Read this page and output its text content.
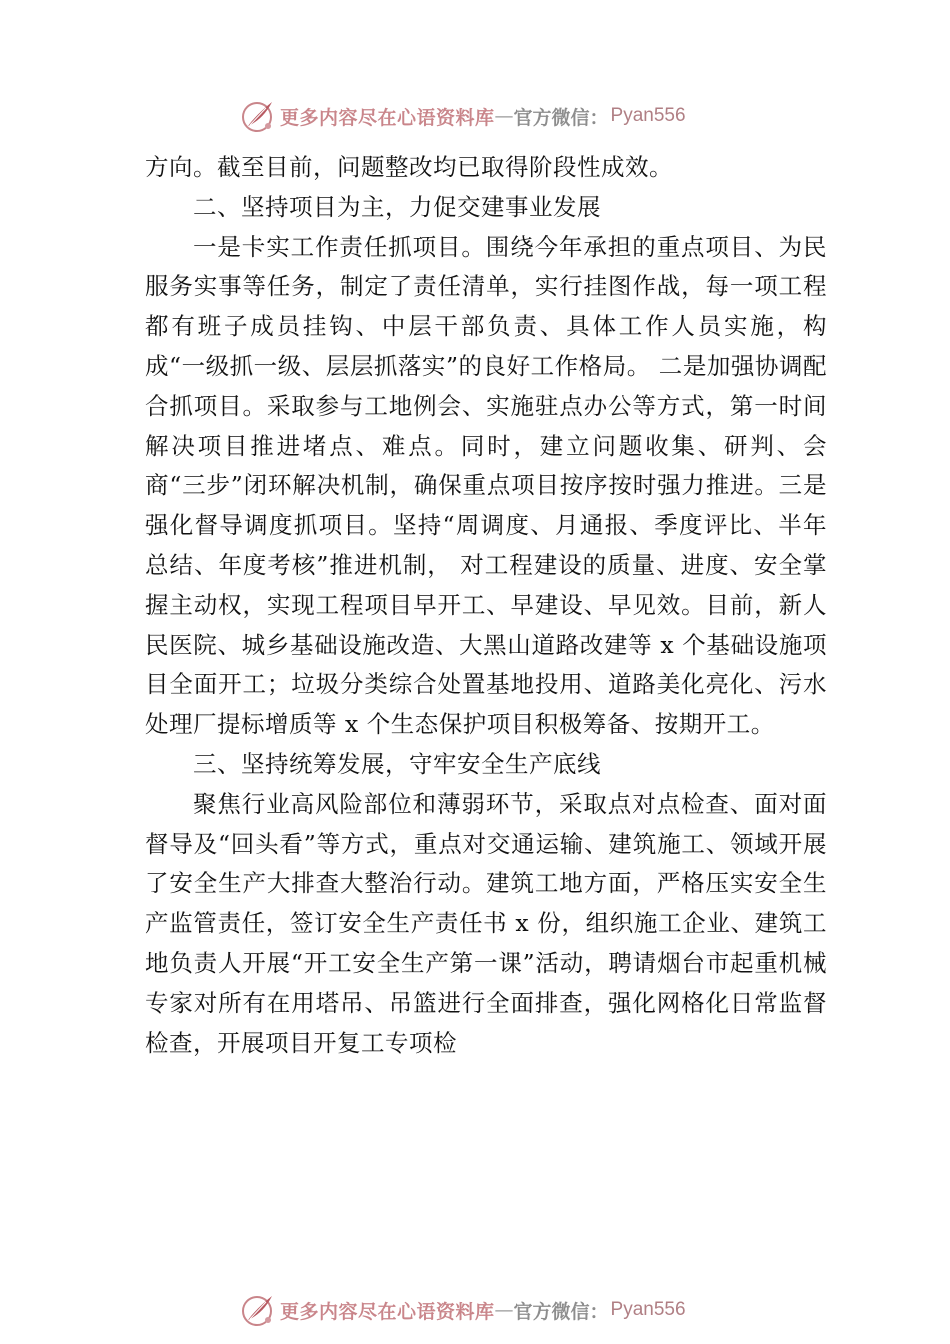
更多内容尽在心语资料库 — 官方微信： Pyan556

方向。截至目前，问题整改均已取得阶段性成效。

二、坚持项目为主，力促交建事业发展

一是卡实工作责任抓项目。围绕今年承担的重点项目、为民服务实事等任务，制定了责任清单，实行挂图作战，每一项工程都有班子成员挂钩、中层干部负责、具体工作人员实施，构成“一级抓一级、层层抓落实”的良好工作格局。 二是加强协调配合抓项目。采取参与工地例会、实施驻点办公等方式，第一时间解决项目推进堵点、难点。同时，建立问题收集、研判、会商“三步”闭环解决机制，确保重点项目按序按时强力推进。三是强化督导调度抓项目。坚持“周调度、月通报、季度评比、半年总结、年度考核”推进机制， 对工程建设的质量、进度、安全掌握主动权，实现工程项目早开工、早建设、早见效。目前，新人民医院、城乡基础设施改造、大黑山道路改建等 x 个基础设施项目全面开工；垃圾分类综合处置基地投用、道路美化亮化、污水处理厂提标增质等 x 个生态保护项目积极筹备、按期开工。

三、坚持统筹发展，守牢安全生产底线

聚焦行业高风险部位和薄弱环节，采取点对点检查、面对面督导及“回头看”等方式，重点对交通运输、建筑施工、领域开展了安全生产大排查大整治行动。建筑工地方面，严格压实安全生产监管责任，签订安全生产责任书 x 份，组织施工企业、建筑工地负责人开展“开工安全生产第一课”活动，聘请烟台市起重机械专家对所有在用塔吊、吊篮进行全面排查，强化网格化日常监督检查，开展项目开复工专项检

更多内容尽在心语资料库 — 官方微信： Pyan556
